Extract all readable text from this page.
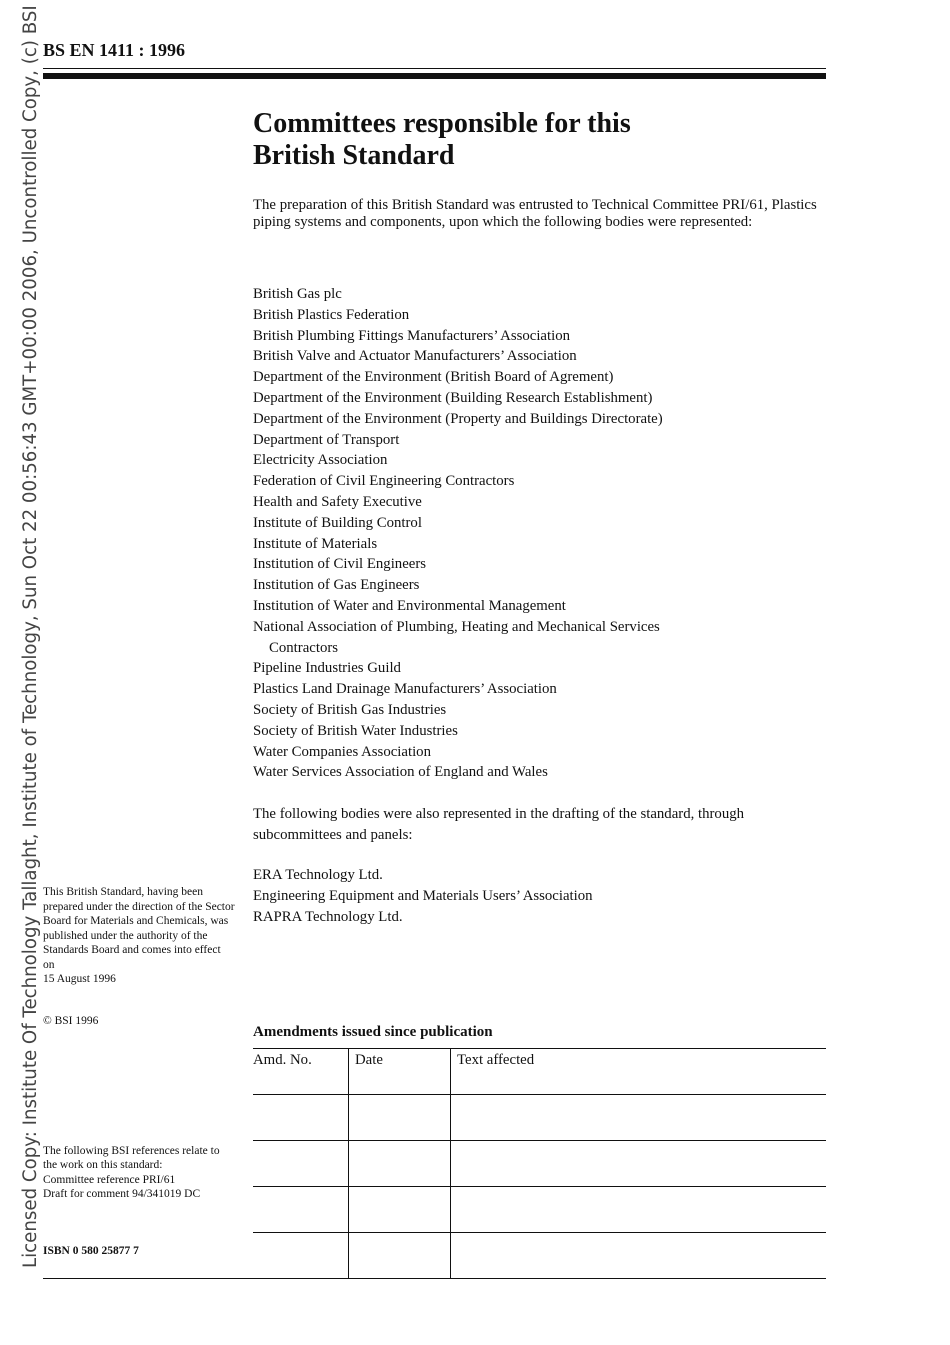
BS EN 1411 : 1996
Licensed Copy: Institute Of Technology Tallaght, Institute of Technology, Sun Oct 22 00:56:43 GMT+00:00 2006, Uncontrolled Copy, (c) BSI	Committees responsible for this
British Standard
The preparation of this British Standard was entrusted to Technical Committee PRI/61, Plastics piping systems and components, upon which the following bodies were represented:
British Gas plc
British Plastics Federation
British Plumbing Fittings Manufacturers’ Association
British Valve and Actuator Manufacturers’ Association
Department of the Environment (British Board of Agrement)
Department of the Environment (Building Research Establishment)
Department of the Environment (Property and Buildings Directorate)
Department of Transport
Electricity Association
Federation of Civil Engineering Contractors
Health and Safety Executive
Institute of Building Control
Institute of Materials
Institution of Civil Engineers
Institution of Gas Engineers
Institution of Water and Environmental Management
National Association of Plumbing, Heating and Mechanical Services
Contractors
Pipeline Industries Guild
Plastics Land Drainage Manufacturers’ Association
Society of British Gas Industries
Society of British Water Industries
Water Companies Association
Water Services Association of England and Wales
The following bodies were also represented in the drafting of the standard, through subcommittees and panels:
ERA Technology Ltd.
Engineering Equipment and Materials Users’ Association
RAPRA Technology Ltd.
This British Standard, having been prepared under the direction of the Sector Board for Materials and Chemicals, was published under the authority of the Standards Board and comes into effect on
15 August 1996
© BSI 1996
The following BSI references relate to the work on this standard:
Committee reference PRI/61
Draft for comment 94/341019 DC
ISBN 0 580 25877 7
Amendments issued since publication
Amd. No.	Date	Text affected
